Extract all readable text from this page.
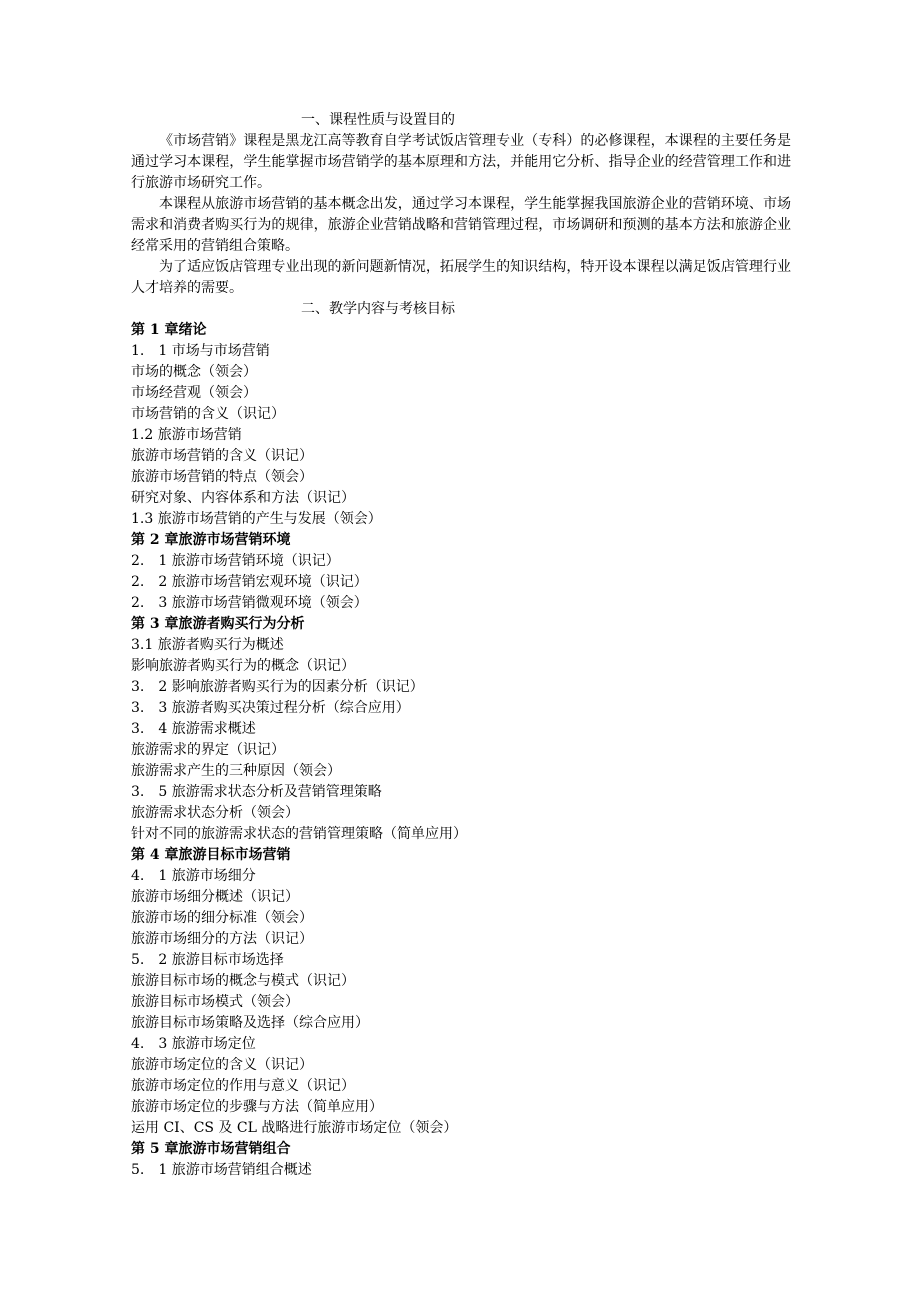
一、课程性质与设置目的

《市场营销》课程是黑龙江高等教育自学考试饭店管理专业（专科）的必修课程，本课程的主要任务是通过学习本课程，学生能掌握市场营销学的基本原理和方法，并能用它分析、指导企业的经营管理工作和进行旅游市场研究工作。

本课程从旅游市场营销的基本概念出发，通过学习本课程，学生能掌握我国旅游企业的营销环境、市场需求和消费者购买行为的规律，旅游企业营销战略和营销管理过程，市场调研和预测的基本方法和旅游企业经常采用的营销组合策略。

为了适应饭店管理专业出现的新问题新情况，拓展学生的知识结构，特开设本课程以满足饭店管理行业人才培养的需要。

二、教学内容与考核目标
第 1 章绪论
1.　1 市场与市场营销
市场的概念（领会）
市场经营观（领会）
市场营销的含义（识记）
1.2 旅游市场营销
旅游市场营销的含义（识记）
旅游市场营销的特点（领会）
研究对象、内容体系和方法（识记）
1.3 旅游市场营销的产生与发展（领会）
第 2 章旅游市场营销环境
2.　1 旅游市场营销环境（识记）
2.　2 旅游市场营销宏观环境（识记）
2.　3 旅游市场营销微观环境（领会）
第 3 章旅游者购买行为分析
3.1 旅游者购买行为概述
影响旅游者购买行为的概念（识记）
3.　2 影响旅游者购买行为的因素分析（识记）
3.　3 旅游者购买决策过程分析（综合应用）
3.　4 旅游需求概述
旅游需求的界定（识记）
旅游需求产生的三种原因（领会）
3.　5 旅游需求状态分析及营销管理策略
旅游需求状态分析（领会）
针对不同的旅游需求状态的营销管理策略（简单应用）
第 4 章旅游目标市场营销
4.　1 旅游市场细分
旅游市场细分概述（识记）
旅游市场的细分标准（领会）
旅游市场细分的方法（识记）
5.　2 旅游目标市场选择
旅游目标市场的概念与模式（识记）
旅游目标市场模式（领会）
旅游目标市场策略及选择（综合应用）
4.　3 旅游市场定位
旅游市场定位的含义（识记）
旅游市场定位的作用与意义（识记）
旅游市场定位的步骤与方法（简单应用）
运用 CI、CS 及 CL 战略进行旅游市场定位（领会）
第 5 章旅游市场营销组合
5.　1 旅游市场营销组合概述
